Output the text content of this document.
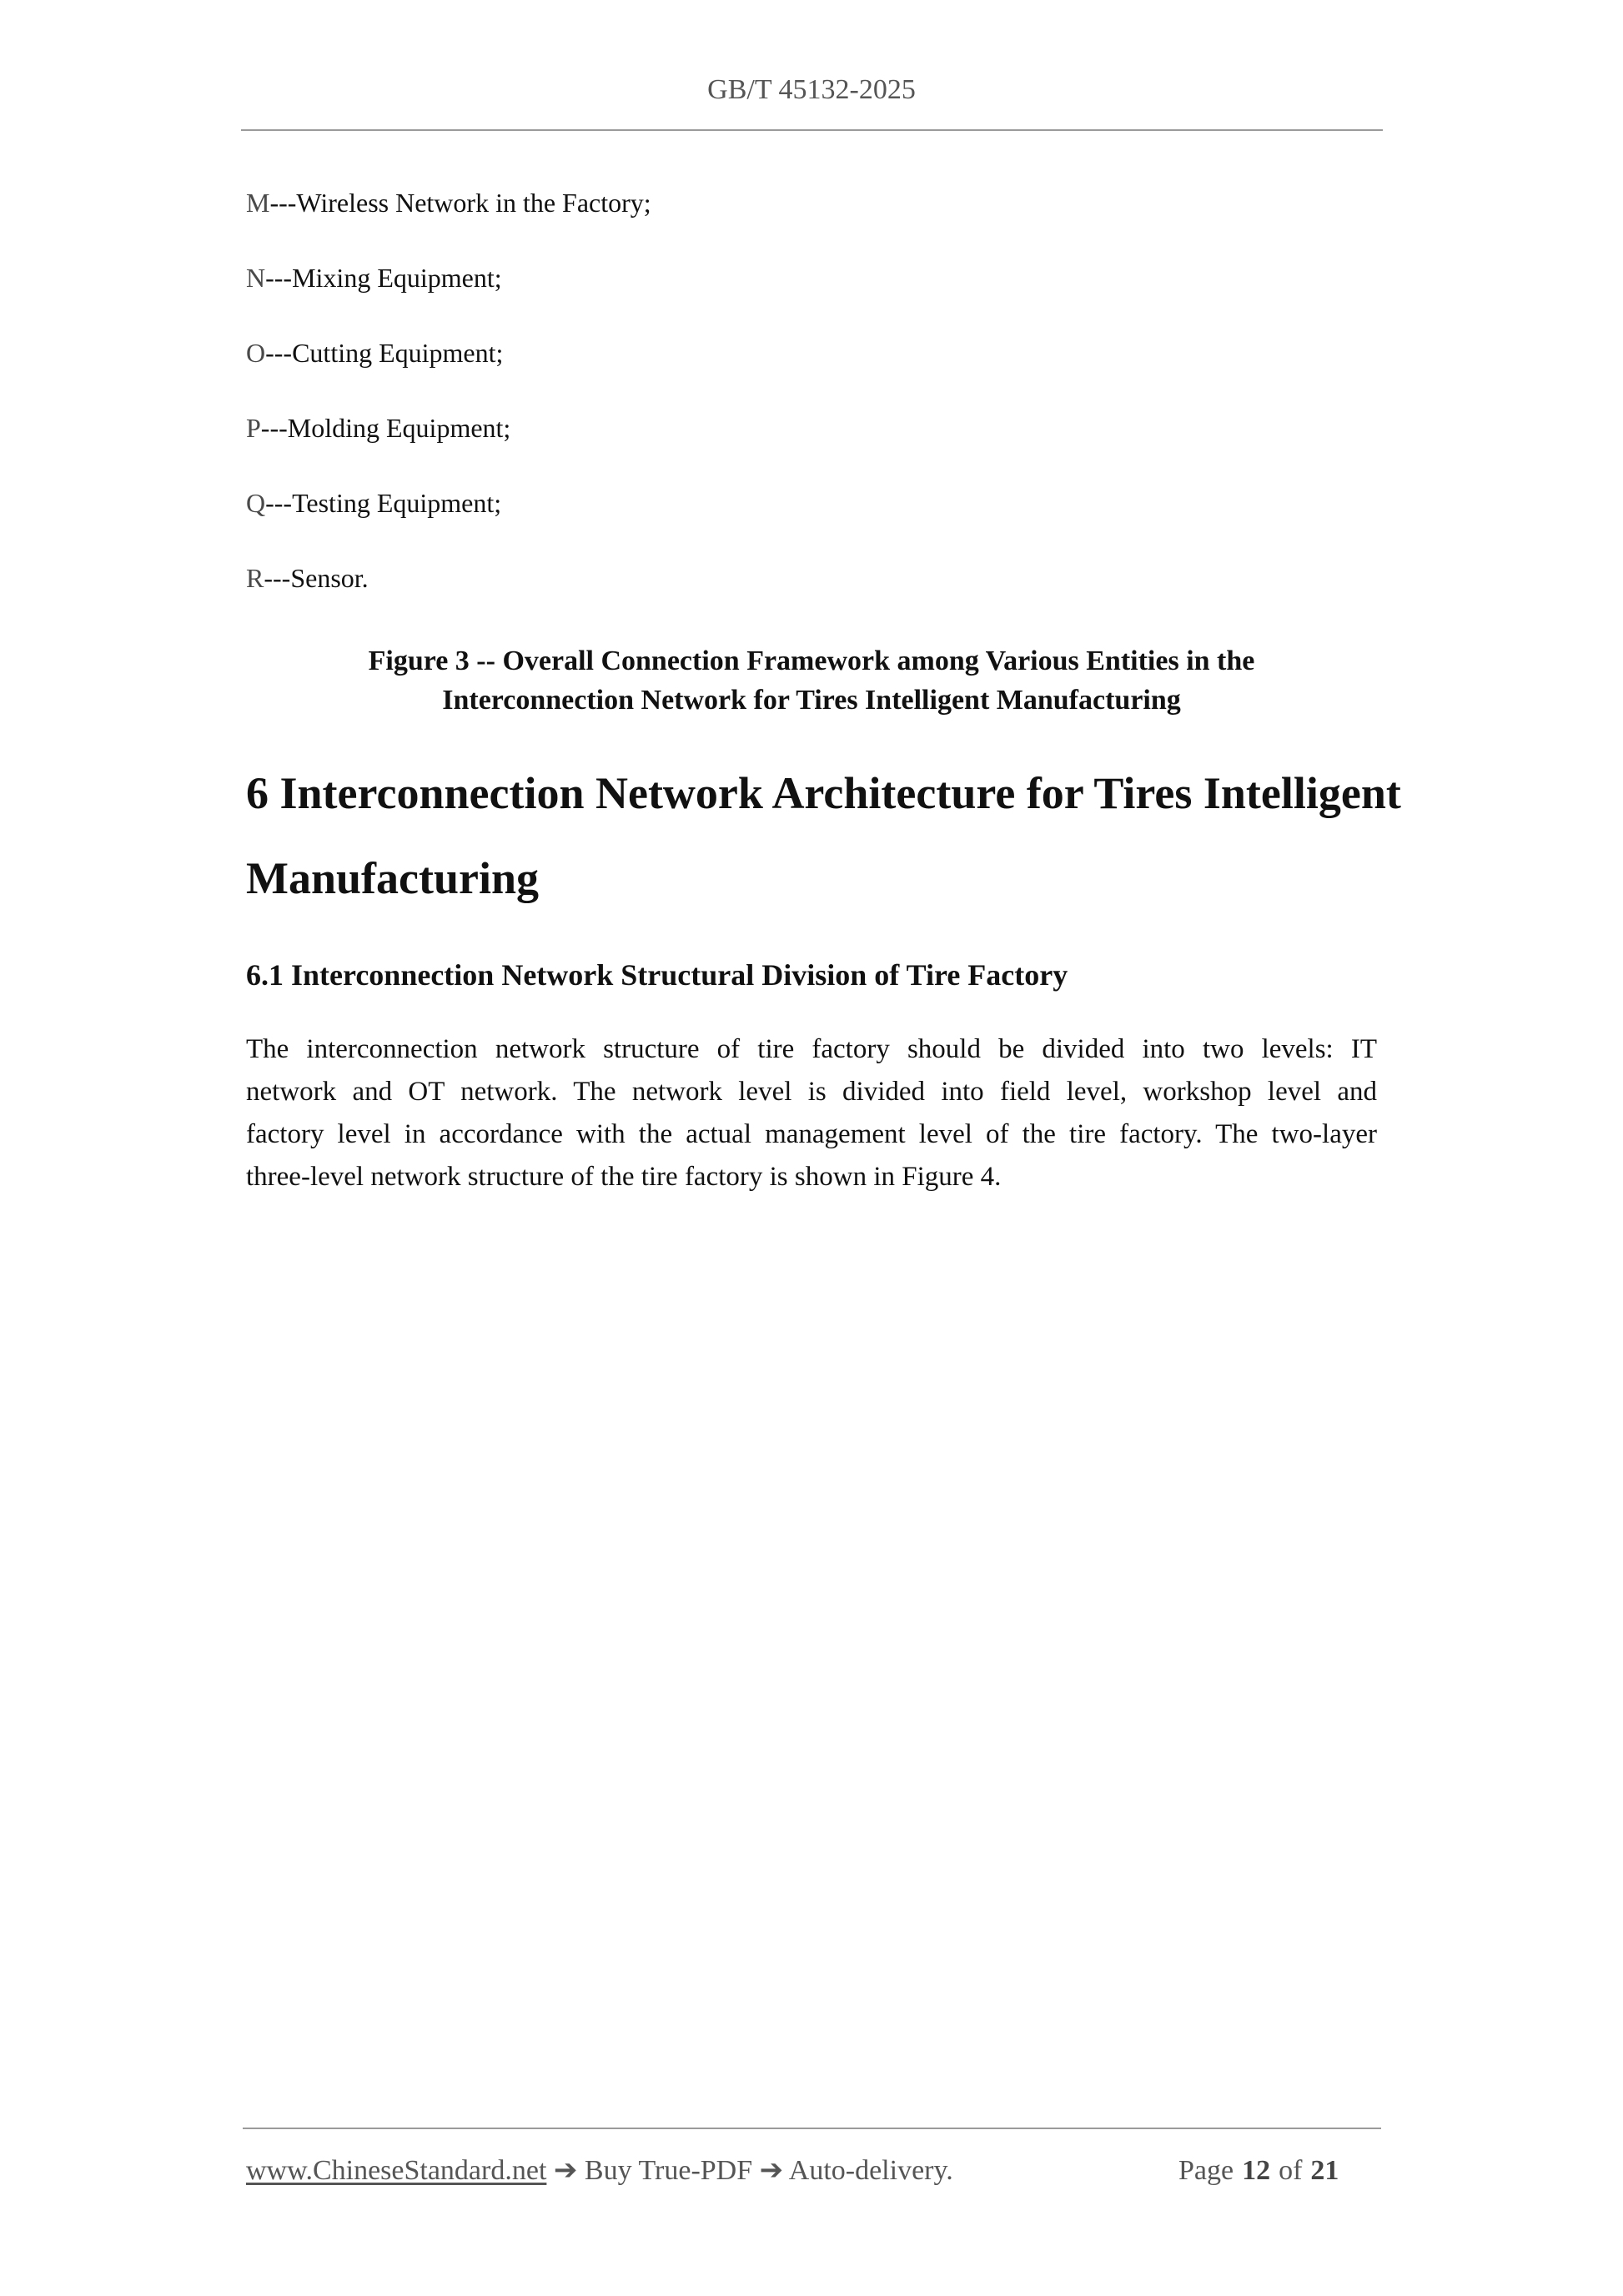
GB/T 45132-2025
M---Wireless Network in the Factory;
N---Mixing Equipment;
O---Cutting Equipment;
P---Molding Equipment;
Q---Testing Equipment;
R---Sensor.
Figure 3 -- Overall Connection Framework among Various Entities in the
Interconnection Network for Tires Intelligent Manufacturing
6 Interconnection Network Architecture for Tires Intelligent
Manufacturing
6.1 Interconnection Network Structural Division of Tire Factory
The interconnection network structure of tire factory should be divided into two levels: IT
network and OT network. The network level is divided into field level, workshop level and
factory level in accordance with the actual management level of the tire factory. The two-layer
three-level network structure of the tire factory is shown in Figure 4.
www.ChineseStandard.net ➔ Buy True-PDF ➔ Auto-delivery.	Page 12 of 21
